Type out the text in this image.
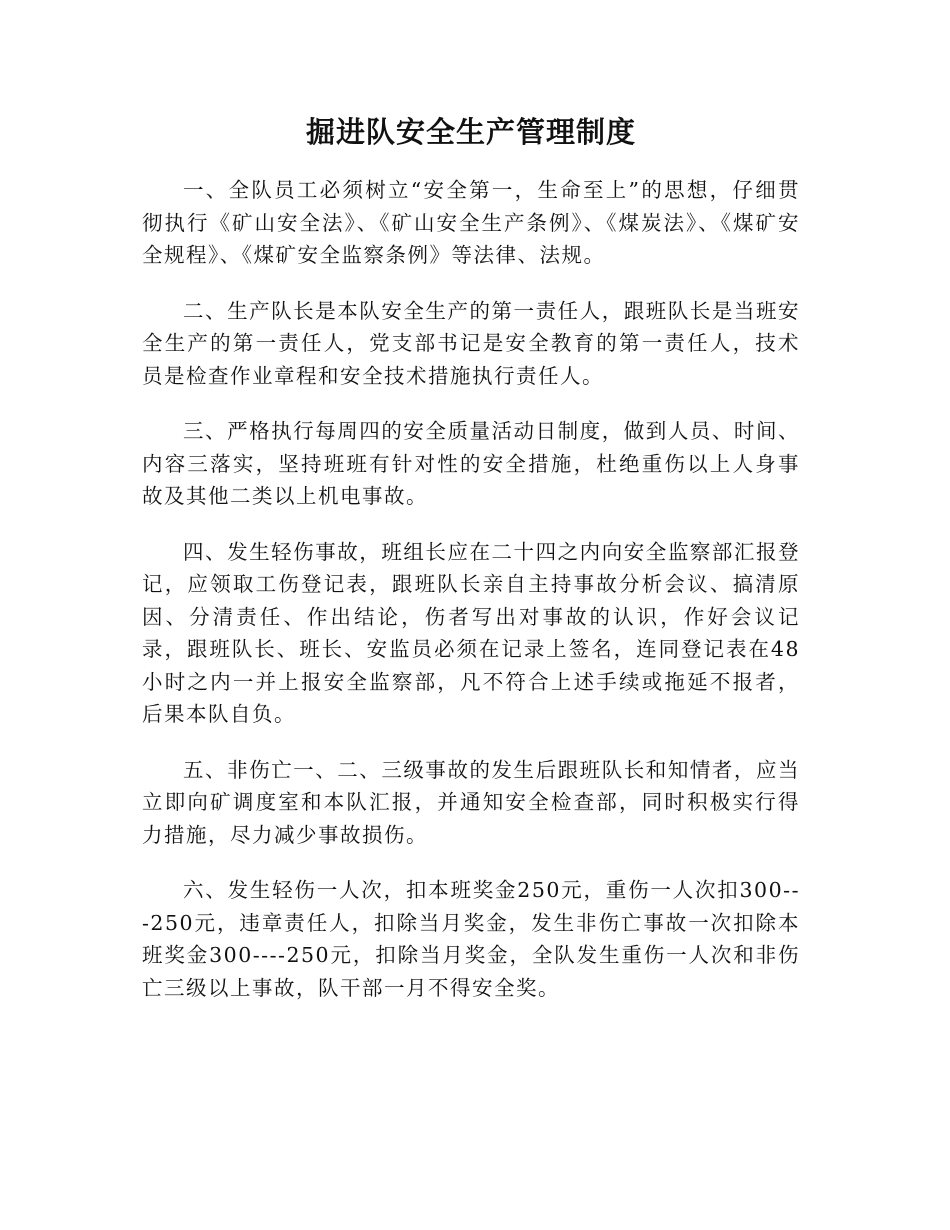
掘进队安全生产管理制度

一、全队员工必须树立“安全第一，生命至上”的思想，仔细贯彻执行《矿山安全法》、《矿山安全生产条例》、《煤炭法》、《煤矿安全规程》、《煤矿安全监察条例》等法律、法规。

二、生产队长是本队安全生产的第一责任人，跟班队长是当班安全生产的第一责任人，党支部书记是安全教育的第一责任人，技术员是检查作业章程和安全技术措施执行责任人。

三、严格执行每周四的安全质量活动日制度，做到人员、时间、内容三落实，坚持班班有针对性的安全措施，杜绝重伤以上人身事故及其他二类以上机电事故。

四、发生轻伤事故，班组长应在二十四之内向安全监察部汇报登记，应领取工伤登记表，跟班队长亲自主持事故分析会议、搞清原因、分清责任、作出结论，伤者写出对事故的认识，作好会议记录，跟班队长、班长、安监员必须在记录上签名，连同登记表在48小时之内一并上报安全监察部，凡不符合上述手续或拖延不报者，后果本队自负。

五、非伤亡一、二、三级事故的发生后跟班队长和知情者，应当立即向矿调度室和本队汇报，并通知安全检查部，同时积极实行得力措施，尽力减少事故损伤。

六、发生轻伤一人次，扣本班奖金250元，重伤一人次扣300---250元，违章责任人，扣除当月奖金，发生非伤亡事故一次扣除本班奖金300----250元，扣除当月奖金，全队发生重伤一人次和非伤亡三级以上事故，队干部一月不得安全奖。
